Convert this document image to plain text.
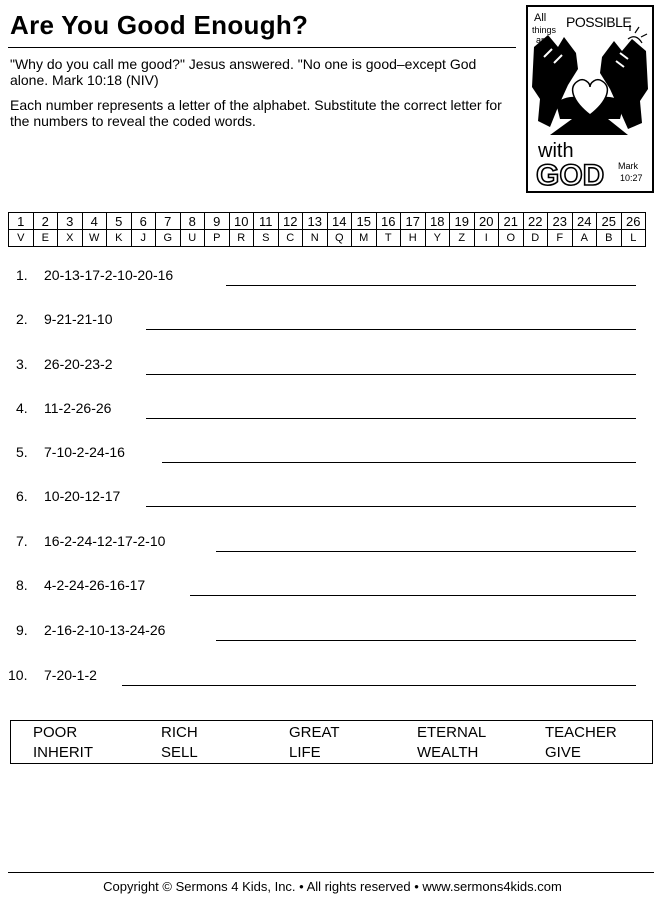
Are You Good Enough?
"Why do you call me good?" Jesus answered. "No one is good–except God alone. Mark 10:18 (NIV)
Each number represents a letter of the alphabet. Substitute the correct letter for the numbers to reveal the coded words.
All
things
are
POSSIBLE
with
GOD Mark
10:27
1	2	3	4	5	6	7	8	9	10	11	12	13	14	15	16	17	18	19	20	21	22	23	24	25	26
V	E	X	W	K	J	G	U	P	R	S	C	N	Q	M	T	H	Y	Z	I	O	D	F	A	B	L
1. 20-13-17-2-10-20-16
2. 9-21-21-10
3. 26-20-23-2
4. 11-2-26-26
5. 7-10-2-24-16
6. 10-20-12-17
7. 16-2-24-12-17-2-10
8. 4-2-24-26-16-17
9. 2-16-2-10-13-24-26
10. 7-20-1-2
POOR	RICH	GREAT	ETERNAL	TEACHER
INHERIT	SELL	LIFE	WEALTH	GIVE
Copyright © Sermons 4 Kids, Inc. • All rights reserved • www.sermons4kids.com
